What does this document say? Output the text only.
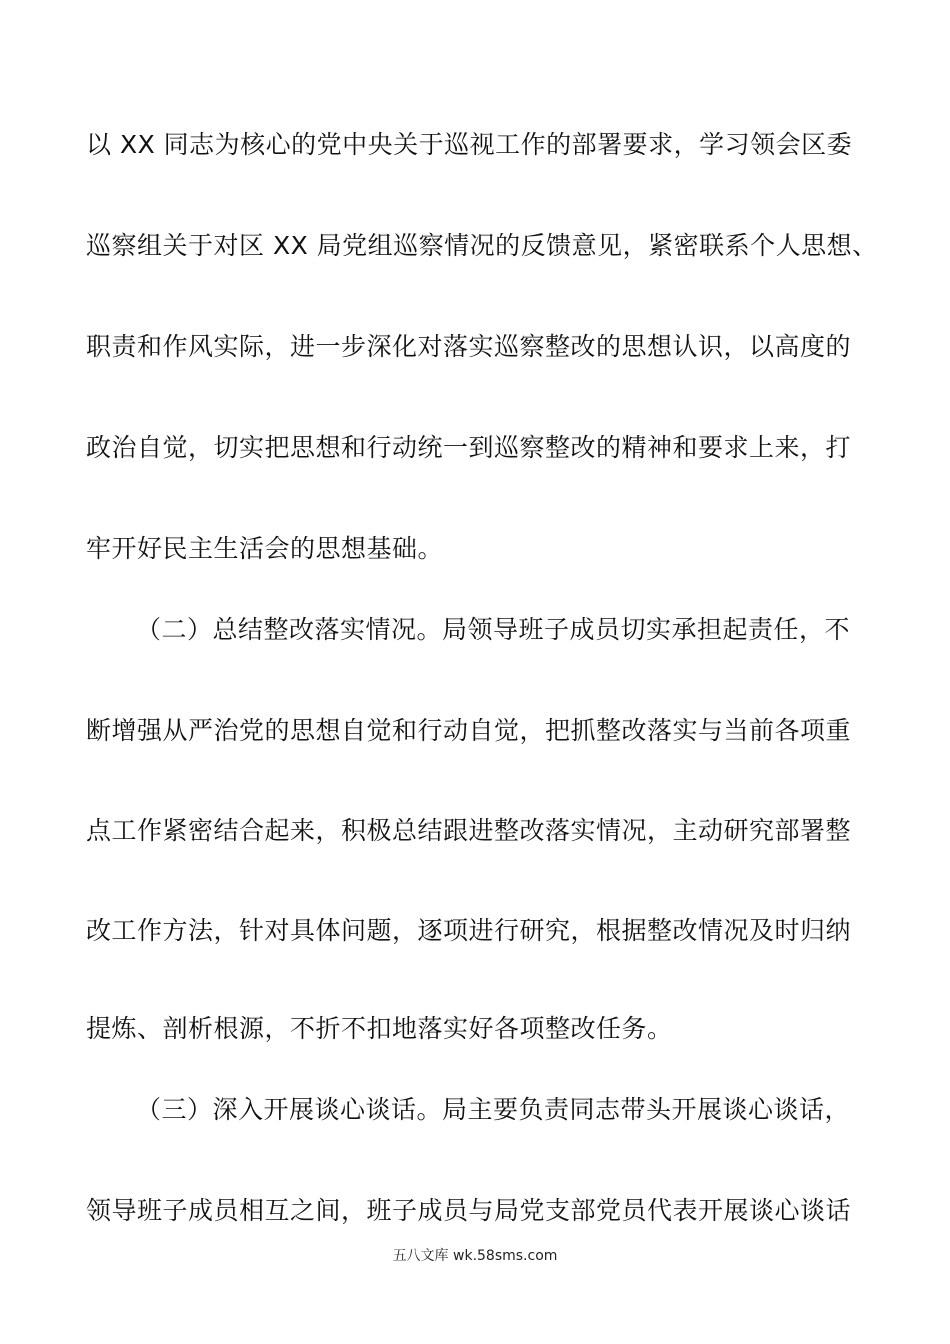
以 XX 同志为核心的党中央关于巡视工作的部署要求，学习领会区委
巡察组关于对区 XX 局党组巡察情况的反馈意见，紧密联系个人思想、
职责和作风实际，进一步深化对落实巡察整改的思想认识，以高度的
政治自觉，切实把思想和行动统一到巡察整改的精神和要求上来，打
牢开好民主生活会的思想基础。
（二）总结整改落实情况。局领导班子成员切实承担起责任，不
断增强从严治党的思想自觉和行动自觉，把抓整改落实与当前各项重
点工作紧密结合起来，积极总结跟进整改落实情况，主动研究部署整
改工作方法，针对具体问题，逐项进行研究，根据整改情况及时归纳
提炼、剖析根源，不折不扣地落实好各项整改任务。
（三）深入开展谈心谈话。局主要负责同志带头开展谈心谈话，
领导班子成员相互之间，班子成员与局党支部党员代表开展谈心谈话
五八文库 wk.58sms.com
